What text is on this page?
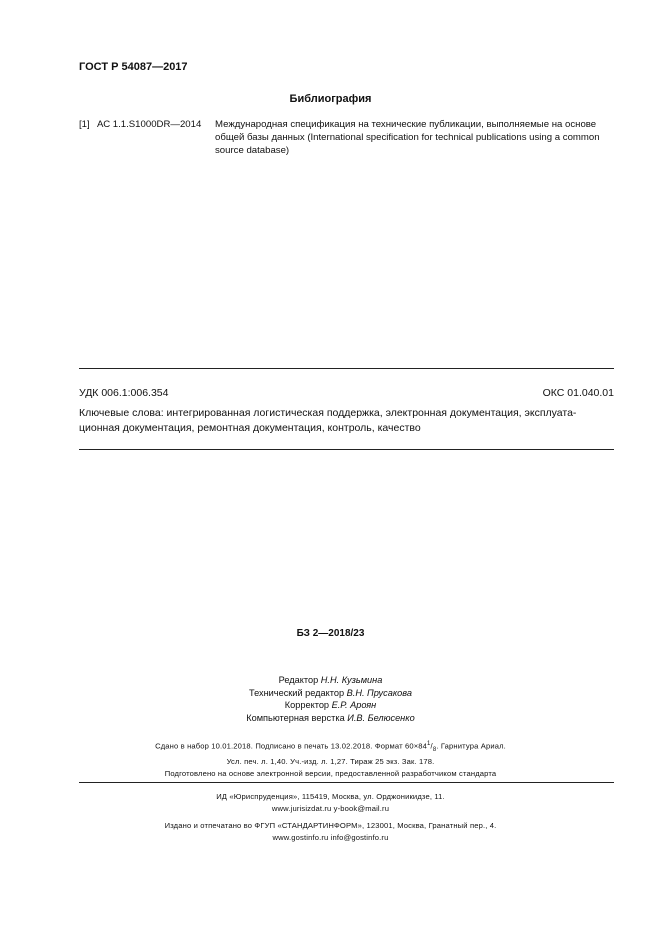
ГОСТ Р 54087—2017
Библиография
[1] АС 1.1.S1000DR—2014 Международная спецификация на технические публикации, выполняемые на основе
общей базы данных (International specification for technical publications using a common
source database)
УДК 006.1:006.354	ОКС 01.040.01
Ключевые слова: интегрированная логистическая поддержка, электронная документация, эксплуата-
ционная документация, ремонтная документация, контроль, качество
БЗ 2—2018/23
Редактор Н.Н. Кузьмина
Технический редактор В.Н. Прусакова
Корректор Е.Р. Ароян
Компьютерная верстка И.В. Белюсенко
Сдано в набор 10.01.2018. Подписано в печать 13.02.2018. Формат $60\times 84^1/_8$. Гарнитура Ариал.
Усл. печ. л. 1,40. Уч.-изд. л. 1,27. Тираж 25 экз. Зак. 178.
Подготовлено на основе электронной версии, предоставленной разработчиком стандарта
ИД «Юриспруденция», 115419, Москва, ул. Орджоникидзе, 11.
www.jurisizdat.ru y-book@mail.ru
Издано и отпечатано во ФГУП «СТАНДАРТИНФОРМ», 123001, Москва, Гранатный пер., 4.
www.gostinfo.ru info@gostinfo.ru
